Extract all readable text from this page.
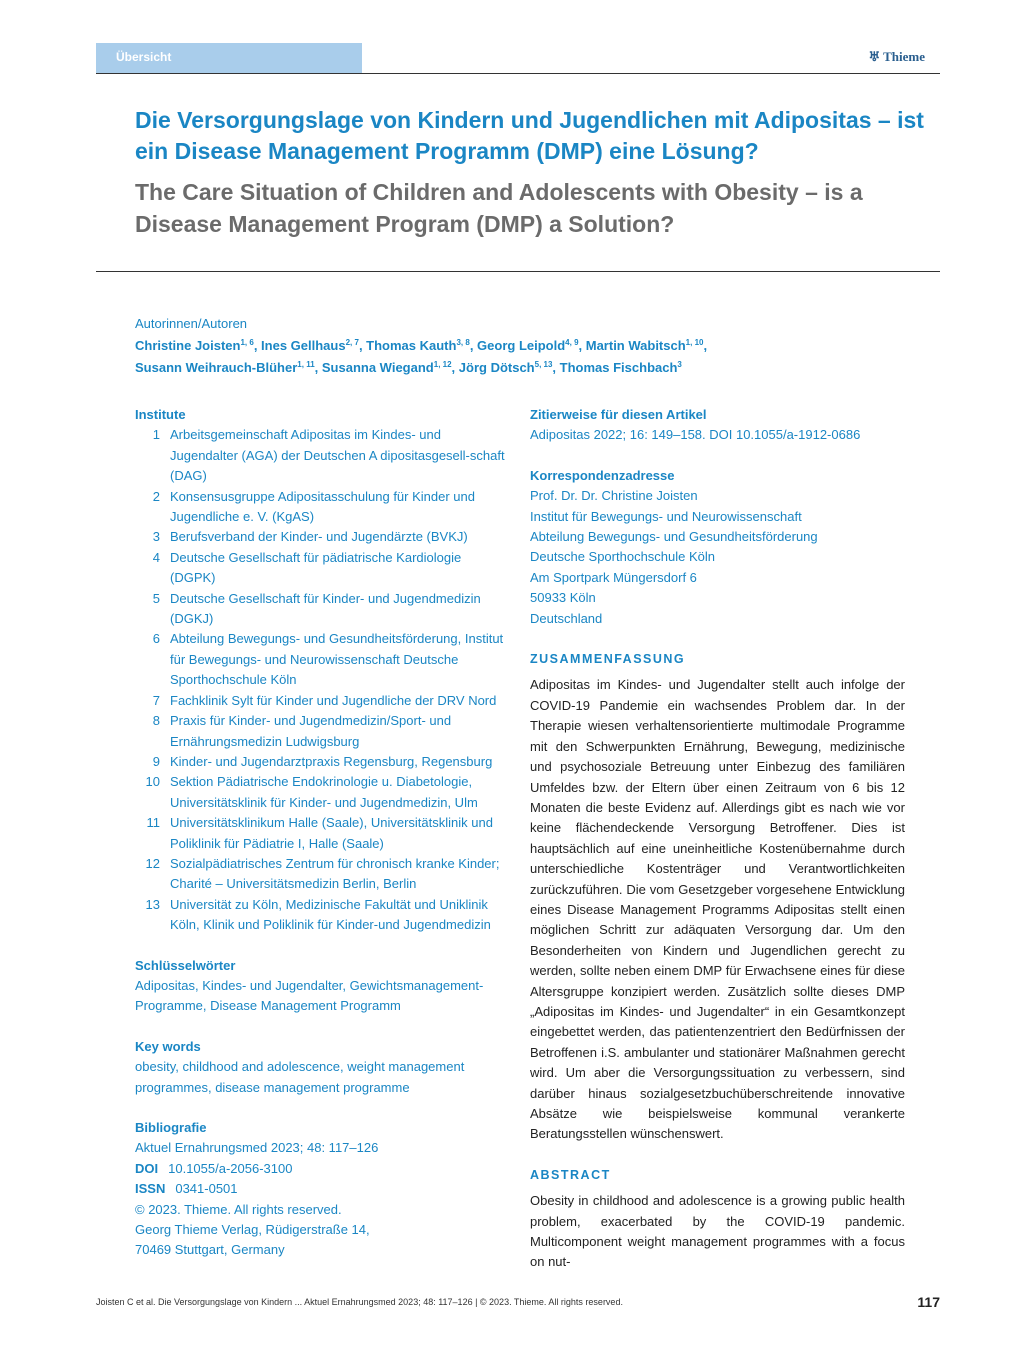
Übersicht	♅ Thieme
Die Versorgungslage von Kindern und Jugendlichen mit Adipositas – ist ein Disease Management Programm (DMP) eine Lösung?
The Care Situation of Children and Adolescents with Obesity – is a Disease Management Program (DMP) a Solution?
Autorinnen/Autoren
Christine Joisten$^{1, 6}$, Ines Gellhaus$^{2, 7}$, Thomas Kauth$^{3, 8}$, Georg Leipold$^{4, 9}$, Martin Wabitsch$^{1, 10}$,
Susann Weihrauch-Blüher$^{1, 11}$, Susanna Wiegand$^{1, 12}$, Jörg Dötsch$^{5, 13}$, Thomas Fischbach$^3$
Institute
1 Arbeitsgemeinschaft Adipositas im Kindes- und Jugendalter (AGA) der Deutschen A dipositasgesell-schaft (DAG)
2 Konsensusgruppe Adipositasschulung für Kinder und Jugendliche e. V. (KgAS)
3 Berufsverband der Kinder- und Jugendärzte (BVKJ)
4 Deutsche Gesellschaft für pädiatrische Kardiologie (DGPK)
5 Deutsche Gesellschaft für Kinder- und Jugendmedizin (DGKJ)
6 Abteilung Bewegungs- und Gesundheitsförderung, Institut für Bewegungs- und Neurowissenschaft Deutsche Sporthochschule Köln
7 Fachklinik Sylt für Kinder und Jugendliche der DRV Nord
8 Praxis für Kinder- und Jugendmedizin/Sport- und Ernährungsmedizin Ludwigsburg
9 Kinder- und Jugendarztpraxis Regensburg, Regensburg
10 Sektion Pädiatrische Endokrinologie u. Diabetologie, Universitätsklinik für Kinder- und Jugendmedizin, Ulm
11 Universitätsklinikum Halle (Saale), Universitätsklinik und Poliklinik für Pädiatrie I, Halle (Saale)
12 Sozialpädiatrisches Zentrum für chronisch kranke Kinder; Charité – Universitätsmedizin Berlin, Berlin
13 Universität zu Köln, Medizinische Fakultät und Uniklinik Köln, Klinik und Poliklinik für Kinder-und Jugendmedizin
Schlüsselwörter
Adipositas, Kindes- und Jugendalter, Gewichtsmanagement-Programme, Disease Management Programm
Key words
obesity, childhood and adolescence, weight management programmes, disease management programme
Bibliografie
Aktuel Ernahrungsmed 2023; 48: 117–126
DOI 10.1055/a-2056-3100
ISSN 0341-0501
© 2023. Thieme. All rights reserved.
Georg Thieme Verlag, Rüdigerstraße 14,
70469 Stuttgart, Germany
Zitierweise für diesen Artikel
Adipositas 2022; 16: 149–158. DOI 10.1055/a-1912-0686
Korrespondenzadresse
Prof. Dr. Dr. Christine Joisten
Institut für Bewegungs- und Neurowissenschaft
Abteilung Bewegungs- und Gesundheitsförderung
Deutsche Sporthochschule Köln
Am Sportpark Müngersdorf 6
50933 Köln
Deutschland
ZUSAMMENFASSUNG
Adipositas im Kindes- und Jugendalter stellt auch infolge der COVID-19 Pandemie ein wachsendes Problem dar. In der Therapie wiesen verhaltensorientierte multimodale Programme mit den Schwerpunkten Ernährung, Bewegung, medizinische und psychosoziale Betreuung unter Einbezug des familiären Umfeldes bzw. der Eltern über einen Zeitraum von 6 bis 12 Monaten die beste Evidenz auf. Allerdings gibt es nach wie vor keine flächendeckende Versorgung Betroffener. Dies ist hauptsächlich auf eine uneinheitliche Kostenübernahme durch unterschiedliche Kostenträger und Verantwortlichkeiten zurückzuführen. Die vom Gesetzgeber vorgesehene Entwicklung eines Disease Management Programms Adipositas stellt einen möglichen Schritt zur adäquaten Versorgung dar. Um den Besonderheiten von Kindern und Jugendlichen gerecht zu werden, sollte neben einem DMP für Erwachsene eines für diese Altersgruppe konzipiert werden. Zusätzlich sollte dieses DMP „Adipositas im Kindes- und Jugendalter“ in ein Gesamtkonzept eingebettet werden, das patientenzentriert den Bedürfnissen der Betroffenen i.S. ambulanter und stationärer Maßnahmen gerecht wird. Um aber die Versorgungssituation zu verbessern, sind darüber hinaus sozialgesetzbuchüberschreitende innovative Absätze wie beispielsweise kommunal verankerte Beratungsstellen wünschenswert.
ABSTRACT
Obesity in childhood and adolescence is a growing public health problem, exacerbated by the COVID-19 pandemic. Multicomponent weight management programmes with a focus on nut-
Joisten C et al. Die Versorgungslage von Kindern ... Aktuel Ernahrungsmed 2023; 48: 117–126 | © 2023. Thieme. All rights reserved.	117
